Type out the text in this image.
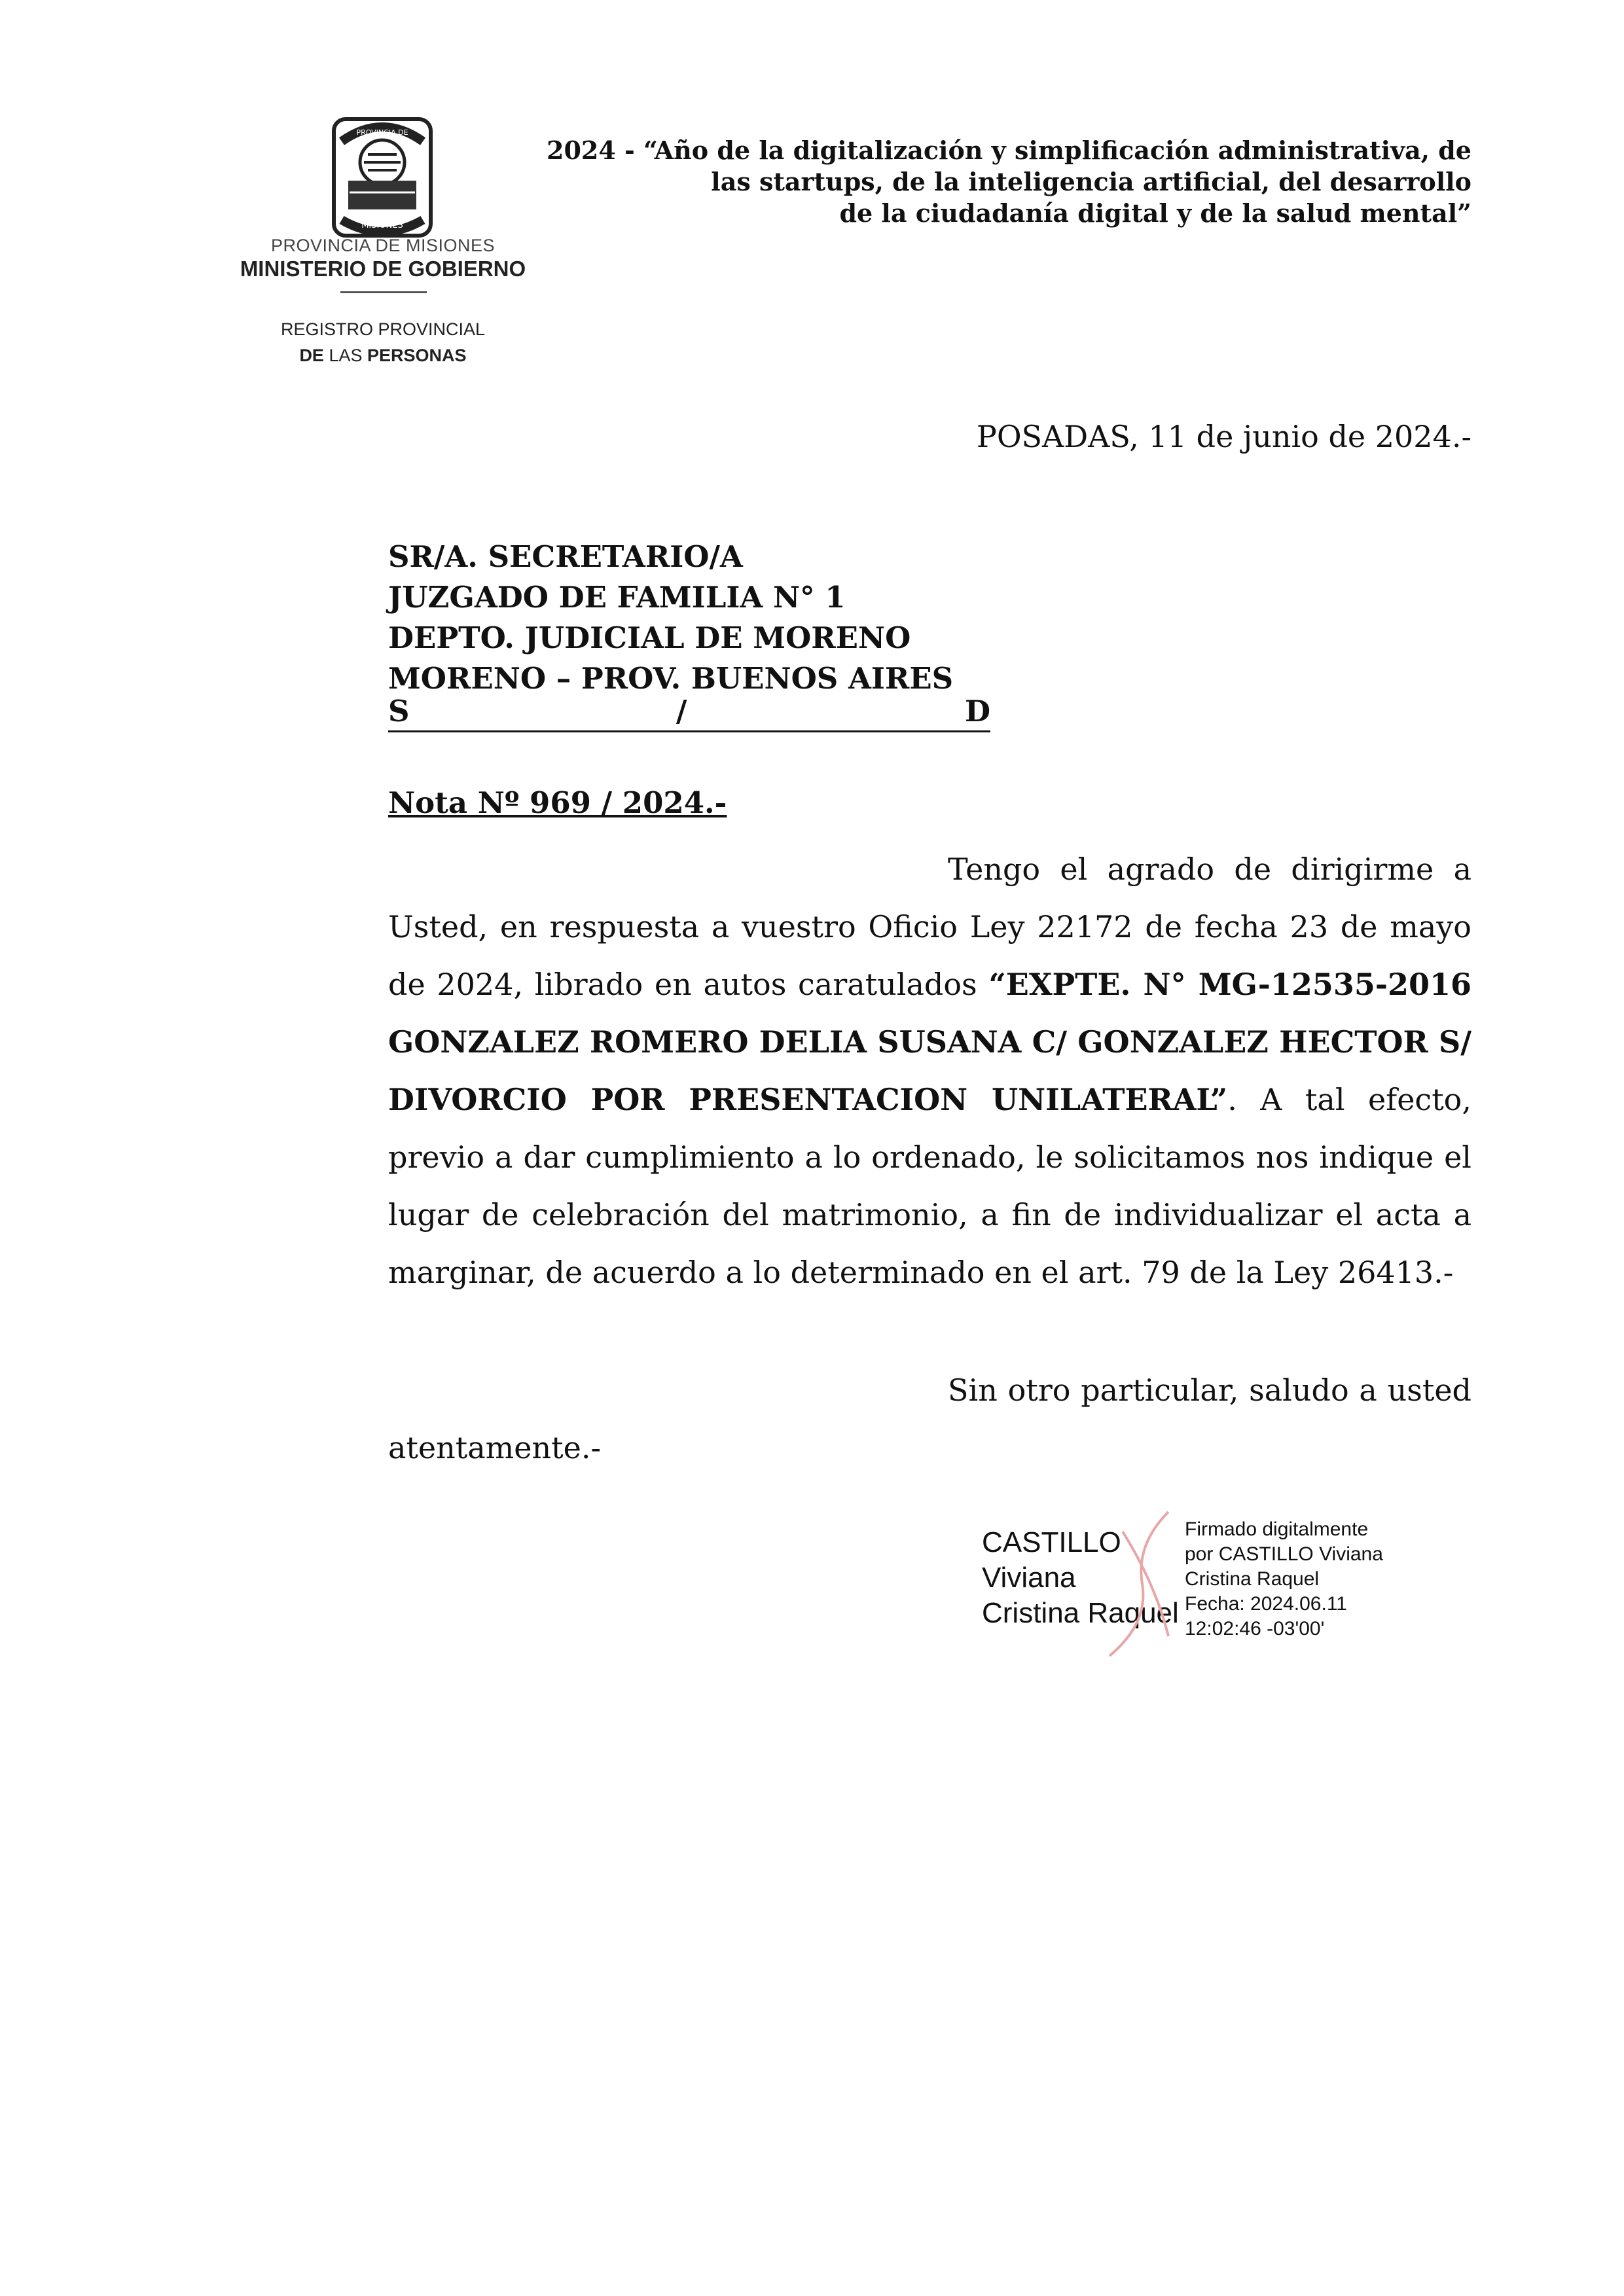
PROVINCIA DE
MISIONES
PROVINCIA DE MISIONES
MINISTERIO DE GOBIERNO
REGISTRO PROVINCIAL
DE LAS PERSONAS
2024 - “Año de la digitalización y simplificación administrativa, de
las startups, de la inteligencia artificial, del desarrollo
de la ciudadanía digital y de la salud mental”
POSADAS, 11 de junio de 2024.-
SR/A. SECRETARIO/A
JUZGADO DE FAMILIA N° 1
DEPTO. JUDICIAL DE MORENO
MORENO – PROV. BUENOS AIRES
S	/	D
Nota Nº 969 / 2024.-
Tengo el agrado de dirigirme a Usted, en respuesta a vuestro Oficio Ley 22172 de fecha 23 de mayo de 2024, librado en autos caratulados “EXPTE. N° MG-12535-2016 GONZALEZ ROMERO DELIA SUSANA C/ GONZALEZ HECTOR S/ DIVORCIO POR PRESENTACION UNILATERAL”. A tal efecto, previo a dar cumplimiento a lo ordenado, le solicitamos nos indique el lugar de celebración del matrimonio, a fin de individualizar el acta a marginar, de acuerdo a lo determinado en el art. 79 de la Ley 26413.-
Sin otro particular, saludo a usted atentamente.-
CASTILLO
Viviana
Cristina Raquel
Firmado digitalmente
por CASTILLO Viviana
Cristina Raquel
Fecha: 2024.06.11
12:02:46 -03'00'
